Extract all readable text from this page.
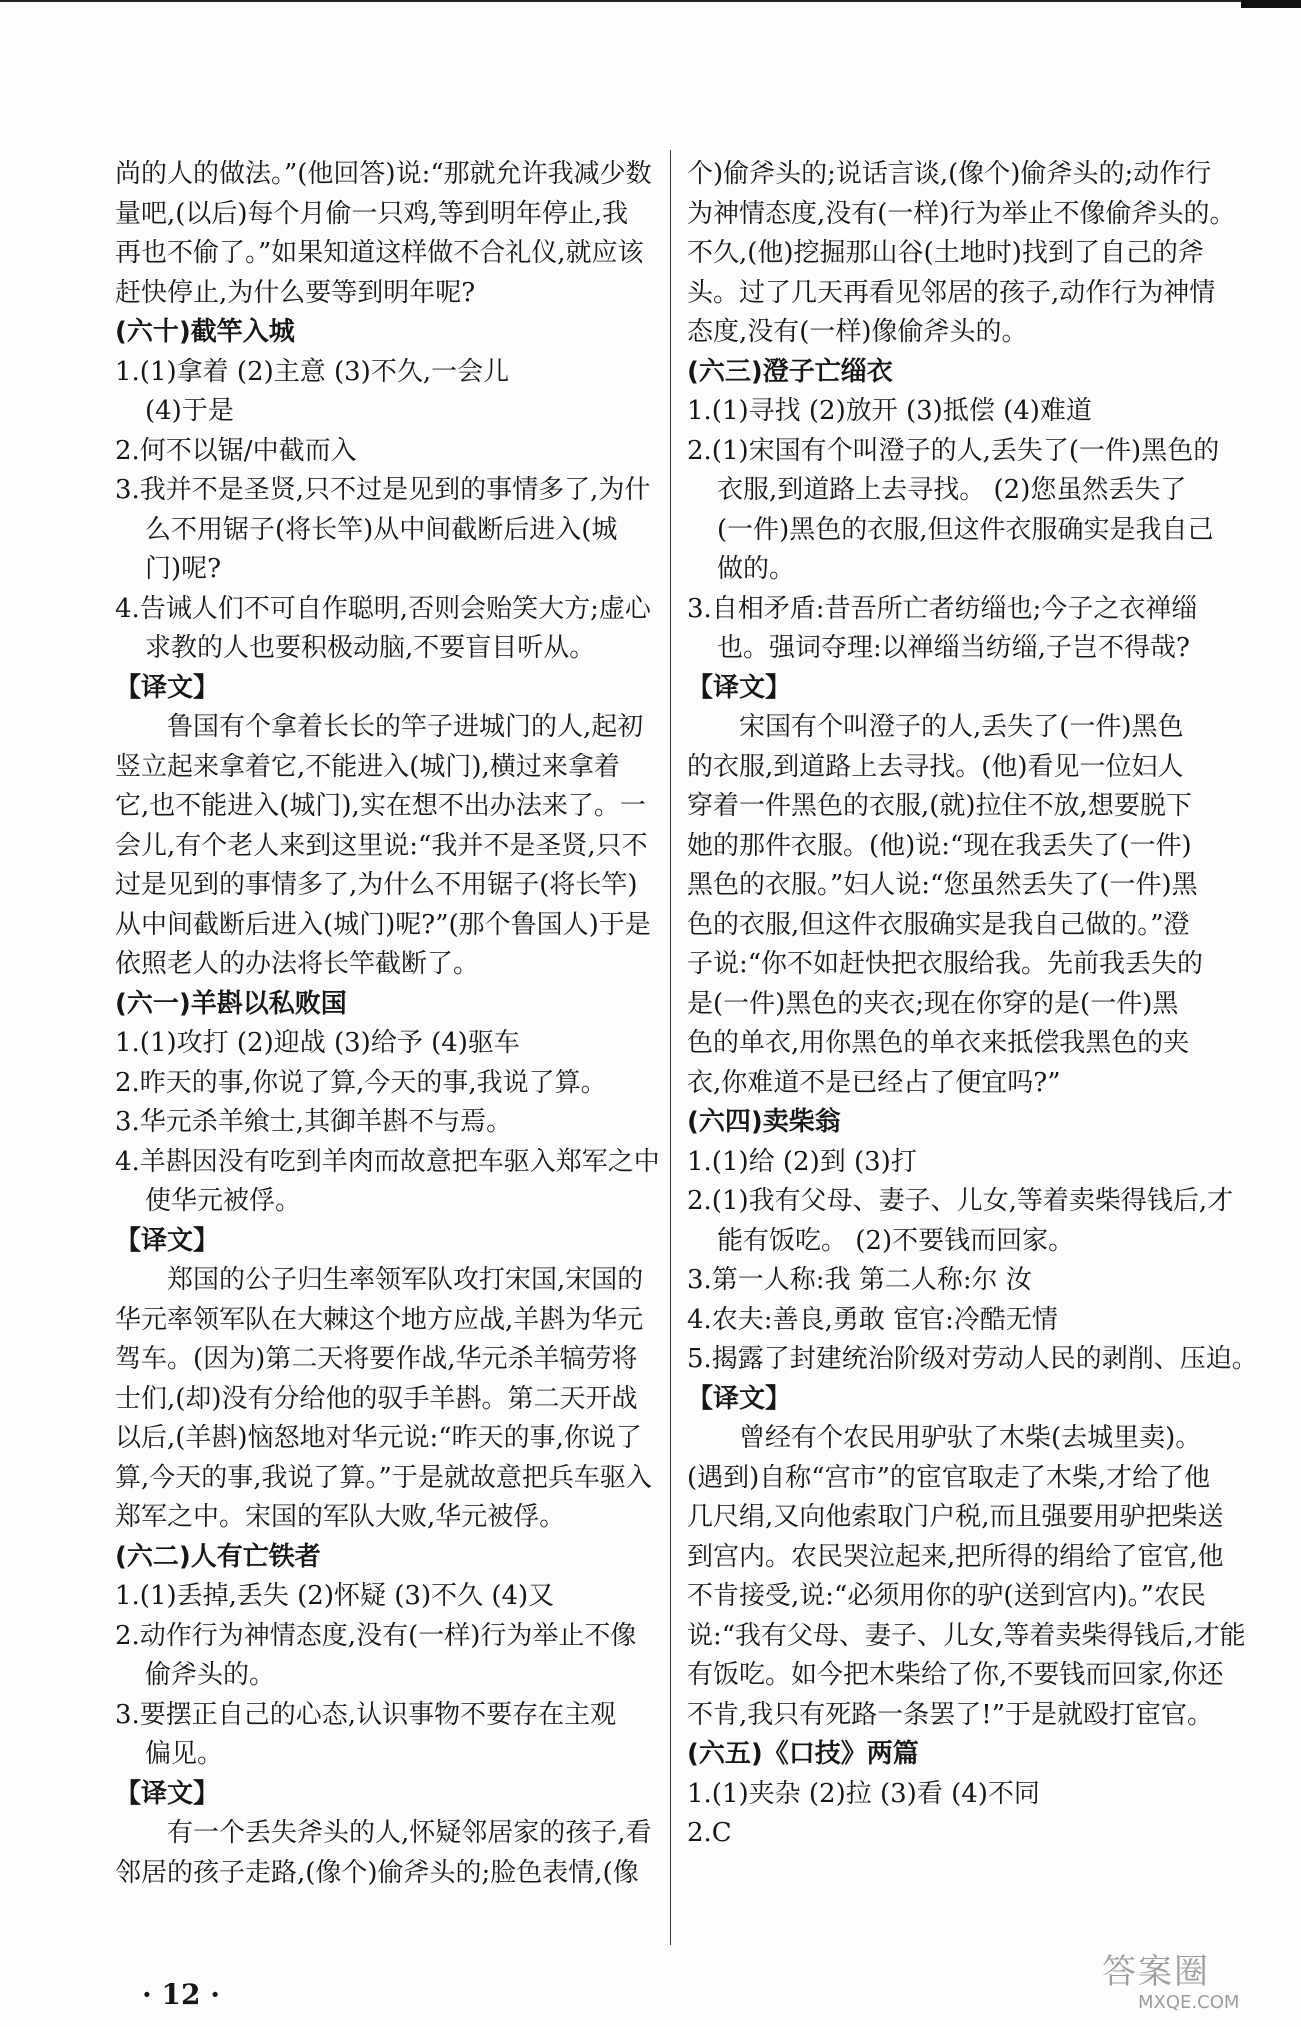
尚的人的做法。”(他回答)说:“那就允许我减少数
量吧,(以后)每个月偷一只鸡,等到明年停止,我
再也不偷了。”如果知道这样做不合礼仪,就应该
赶快停止,为什么要等到明年呢?
(六十)截竿入城
1.(1)拿着 (2)主意 (3)不久,一会儿
(4)于是
2.何不以锯/中截而入
3.我并不是圣贤,只不过是见到的事情多了,为什
么不用锯子(将长竿)从中间截断后进入(城
门)呢?
4.告诫人们不可自作聪明,否则会贻笑大方;虚心
求教的人也要积极动脑,不要盲目听从。
【译文】
鲁国有个拿着长长的竿子进城门的人,起初
竖立起来拿着它,不能进入(城门),横过来拿着
它,也不能进入(城门),实在想不出办法来了。一
会儿,有个老人来到这里说:“我并不是圣贤,只不
过是见到的事情多了,为什么不用锯子(将长竿)
从中间截断后进入(城门)呢?”(那个鲁国人)于是
依照老人的办法将长竿截断了。
(六一)羊斟以私败国
1.(1)攻打 (2)迎战 (3)给予 (4)驱车
2.昨天的事,你说了算,今天的事,我说了算。
3.华元杀羊飨士,其御羊斟不与焉。
4.羊斟因没有吃到羊肉而故意把车驱入郑军之中
使华元被俘。
【译文】
郑国的公子归生率领军队攻打宋国,宋国的
华元率领军队在大棘这个地方应战,羊斟为华元
驾车。(因为)第二天将要作战,华元杀羊犒劳将
士们,(却)没有分给他的驭手羊斟。第二天开战
以后,(羊斟)恼怒地对华元说:“昨天的事,你说了
算,今天的事,我说了算。”于是就故意把兵车驱入
郑军之中。宋国的军队大败,华元被俘。
(六二)人有亡铁者
1.(1)丢掉,丢失 (2)怀疑 (3)不久 (4)又
2.动作行为神情态度,没有(一样)行为举止不像
偷斧头的。
3.要摆正自己的心态,认识事物不要存在主观
偏见。
【译文】
有一个丢失斧头的人,怀疑邻居家的孩子,看
邻居的孩子走路,(像个)偷斧头的;脸色表情,(像
个)偷斧头的;说话言谈,(像个)偷斧头的;动作行
为神情态度,没有(一样)行为举止不像偷斧头的。
不久,(他)挖掘那山谷(土地时)找到了自己的斧
头。过了几天再看见邻居的孩子,动作行为神情
态度,没有(一样)像偷斧头的。
(六三)澄子亡缁衣
1.(1)寻找 (2)放开 (3)抵偿 (4)难道
2.(1)宋国有个叫澄子的人,丢失了(一件)黑色的
衣服,到道路上去寻找。 (2)您虽然丢失了
(一件)黑色的衣服,但这件衣服确实是我自己
做的。
3.自相矛盾:昔吾所亡者纺缁也;今子之衣禅缁
也。强词夺理:以禅缁当纺缁,子岂不得哉?
【译文】
宋国有个叫澄子的人,丢失了(一件)黑色
的衣服,到道路上去寻找。(他)看见一位妇人
穿着一件黑色的衣服,(就)拉住不放,想要脱下
她的那件衣服。(他)说:“现在我丢失了(一件)
黑色的衣服。”妇人说:“您虽然丢失了(一件)黑
色的衣服,但这件衣服确实是我自己做的。”澄
子说:“你不如赶快把衣服给我。先前我丢失的
是(一件)黑色的夹衣;现在你穿的是(一件)黑
色的单衣,用你黑色的单衣来抵偿我黑色的夹
衣,你难道不是已经占了便宜吗?”
(六四)卖柴翁
1.(1)给 (2)到 (3)打
2.(1)我有父母、妻子、儿女,等着卖柴得钱后,才
能有饭吃。 (2)不要钱而回家。
3.第一人称:我 第二人称:尔 汝
4.农夫:善良,勇敢 宦官:冷酷无情
5.揭露了封建统治阶级对劳动人民的剥削、压迫。
【译文】
曾经有个农民用驴驮了木柴(去城里卖)。
(遇到)自称“宫市”的宦官取走了木柴,才给了他
几尺绢,又向他索取门户税,而且强要用驴把柴送
到宫内。农民哭泣起来,把所得的绢给了宦官,他
不肯接受,说:“必须用你的驴(送到宫内)。”农民
说:“我有父母、妻子、儿女,等着卖柴得钱后,才能
有饭吃。如今把木柴给了你,不要钱而回家,你还
不肯,我只有死路一条罢了!”于是就殴打宦官。
(六五)《口技》两篇
1.(1)夹杂 (2)拉 (3)看 (4)不同
2.C
· 12 ·
答案圈
MXQE.COM
